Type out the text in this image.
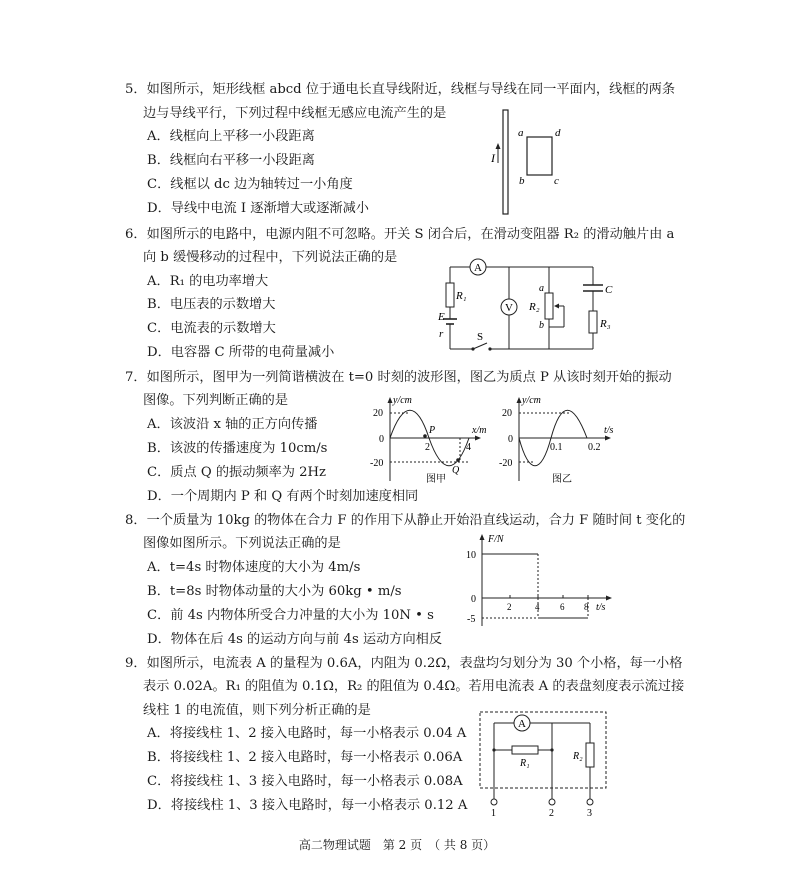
5．如图所示，矩形线框 abcd 位于通电长直导线附近，线框与导线在同一平面内，线框的两条
边与导线平行，下列过程中线框无感应电流产生的是
A．线框向上平移一小段距离
B．线框向右平移一小段距离
C．线框以 dc 边为轴转过一小角度
D．导线中电流 I 逐渐增大或逐渐减小
I
a	d
b	c
6．如图所示的电路中，电源内阻不可忽略。开关 S 闭合后，在滑动变阻器 R₂ 的滑动触片由 a
向 b 缓慢移动的过程中，下列说法正确的是
A．R₁ 的电功率增大
B．电压表的示数增大
C．电流表的示数增大
D．电容器 C 所带的电荷量减小
A
V
R₁
E
r	S
a
b
R₂
C
R₃
7．如图所示，图甲为一列简谐横波在 t=0 时刻的波形图，图乙为质点 P 从该时刻开始的振动
图像。下列判断正确的是
A．该波沿 x 轴的正方向传播
B．该波的传播速度为 10cm/s
C．质点 Q 的振动频率为 2Hz
D．一个周期内 P 和 Q 有两个时刻加速度相同
y/cm
x/m
20
0
-20
2	4
P
Q
图甲
y/cm
t/s
20
0
-20
0.1	0.2
图乙
8．一个质量为 10kg 的物体在合力 F 的作用下从静止开始沿直线运动，合力 F 随时间 t 变化的
图像如图所示。下列说法正确的是
A．t=4s 时物体速度的大小为 4m/s
B．t=8s 时物体动量的大小为 60kg • m/s
C．前 4s 内物体所受合力冲量的大小为 10N • s
D．物体在后 4s 的运动方向与前 4s 运动方向相反
F/N
t/s
10
0
-5
2	4 6 8
9．如图所示，电流表 A 的量程为 0.6A，内阻为 0.2Ω，表盘均匀划分为 30 个小格，每一小格
表示 0.02A。R₁ 的阻值为 0.1Ω，R₂ 的阻值为 0.4Ω。若用电流表 A 的表盘刻度表示流过接
线柱 1 的电流值，则下列分析正确的是
A．将接线柱 1、2 接入电路时，每一小格表示 0.04 A
B．将接线柱 1、2 接入电路时，每一小格表示 0.06A
C．将接线柱 1、3 接入电路时，每一小格表示 0.08A
D．将接线柱 1、3 接入电路时，每一小格表示 0.12 A
A
R₁
R₂
1	2	3
高二物理试题　第 2 页　（ 共 8 页）
